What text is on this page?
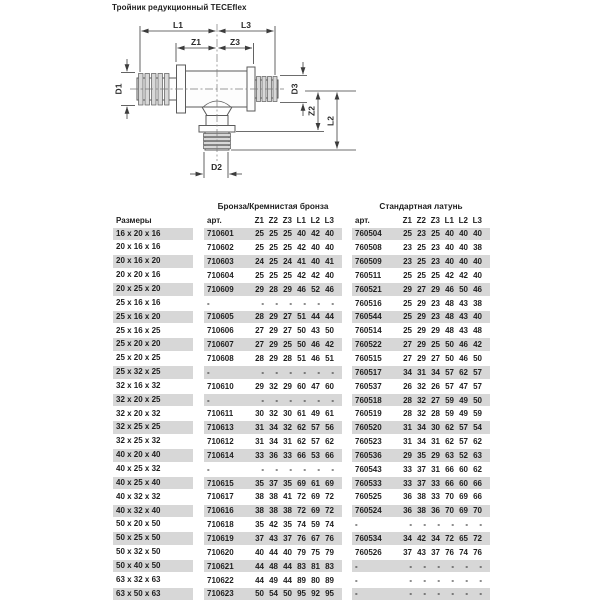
Тройник редукционный TECEflex
L1	L3
Z1	Z3
D1	D3
Z2
L2
D2
Бронза/Кремнистая бронза	Стандартная латунь
Размеры	арт.	Z1 Z2 Z3 L1 L2 L3	арт.	Z1 Z2 Z3 L1 L2 L3
16 x 20 x 16	710601	25 25 25 40 42 40	760504	25 23 25 40 40 40
20 x 16 x 16	710602	25 25 25 42 40 40	760508	23 25 23 40 40 38
20 x 16 x 20	710603	24 25 24 41 40 41	760509	23 25 23 40 40 40
20 x 20 x 16	710604	25 25 25 42 42 40	760511	25 25 25 42 42 40
20 x 25 x 20	710609	29 28 29 46 52 46	760521	29 27 29 46 50 46
25 x 16 x 16	-	-	-	-	-	-	-	760516	25 29 23 48 43 38
25 x 16 x 20	710605	28 29 27 51 44 44	760544	25 29 23 48 43 40
25 x 16 x 25	710606	27 29 27 50 43 50	760514	25 29 29 48 43 48
25 x 20 x 20	710607	27 29 25 50 46 42	760522	27 29 25 50 46 42
25 x 20 x 25	710608	28 29 28 51 46 51	760515	27 29 27 50 46 50
25 x 32 x 25	-	-	-	-	-	-	-	760517	34 31 34 57 62 57
32 x 16 x 32	710610	29 32 29 60 47 60	760537	26 32 26 57 47 57
32 x 20 x 25	-	-	-	-	-	-	-	760518	28 32 27 59 49 50
32 x 20 x 32	710611	30 32 30 61 49 61	760519	28 32 28 59 49 59
32 x 25 x 25	710613	31 34 32 62 57 56	760520	31 34 30 62 57 54
32 x 25 x 32	710612	31 34 31 62 57 62	760523	31 34 31 62 57 62
40 x 20 x 40	710614	33 36 33 66 53 66	760536	29 35 29 63 52 63
40 x 25 x 32	-	-	-	-	-	-	-	760543	33 37 31 66 60 62
40 x 25 x 40	710615	35 37 35 69 61 69	760533	33 37 33 66 60 66
40 x 32 x 32	710617	38 38 41 72 69 72	760525	36 38 33 70 69 66
40 x 32 x 40	710616	38 38 38 72 69 72	760524	36 38 36 70 69 70
50 x 20 x 50	710618	35 42 35 74 59 74	-	-	-	-	-	-	-
50 x 25 x 50	710619	37 43 37 76 67 76	760534	34 42 34 72 65 72
50 x 32 x 50	710620	40 44 40 79 75 79	760526	37 43 37 76 74 76
50 x 40 x 50	710621	44 48 44 83 81 83	-	-	-	-	-	-	-
63 x 32 x 63	710622	44 49 44 89 80 89	-	-	-	-	-	-	-
63 x 50 x 63	710623	50 54 50 95 92 95	-	-	-	-	-	-	-
